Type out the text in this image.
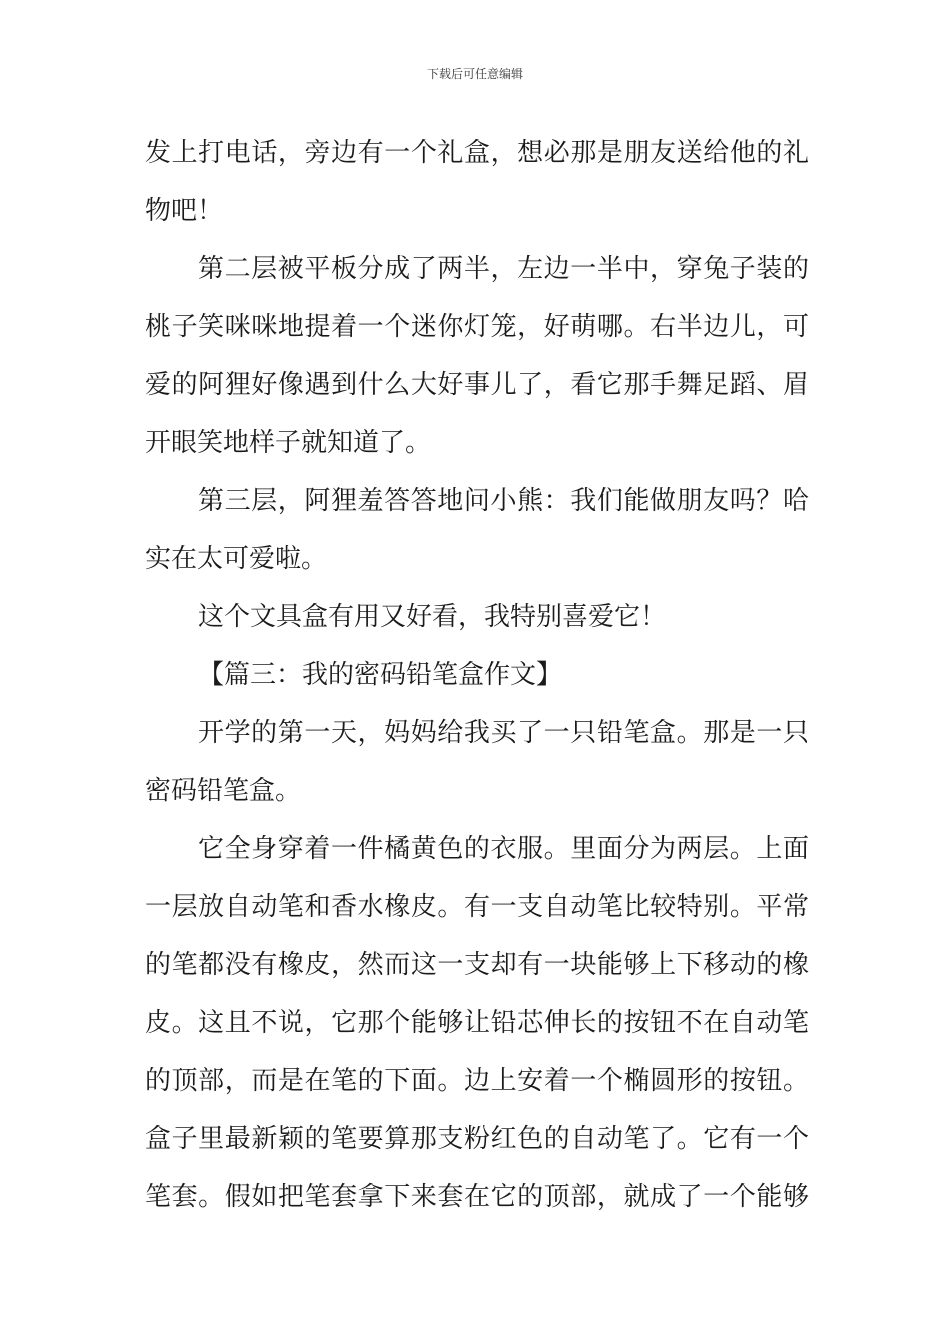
下载后可任意编辑
发上打电话，旁边有一个礼盒，想必那是朋友送给他的礼
物吧！
第二层被平板分成了两半，左边一半中，穿兔子装的
桃子笑咪咪地提着一个迷你灯笼，好萌哪。右半边儿，可
爱的阿狸好像遇到什么大好事儿了，看它那手舞足蹈、眉
开眼笑地样子就知道了。
第三层，阿狸羞答答地问小熊：我们能做朋友吗？哈
实在太可爱啦。
这个文具盒有用又好看，我特别喜爱它！
【篇三：我的密码铅笔盒作文】
开学的第一天，妈妈给我买了一只铅笔盒。那是一只
密码铅笔盒。
它全身穿着一件橘黄色的衣服。里面分为两层。上面
一层放自动笔和香水橡皮。有一支自动笔比较特别。平常
的笔都没有橡皮，然而这一支却有一块能够上下移动的橡
皮。这且不说，它那个能够让铅芯伸长的按钮不在自动笔
的顶部，而是在笔的下面。边上安着一个椭圆形的按钮。
盒子里最新颖的笔要算那支粉红色的自动笔了。它有一个
笔套。假如把笔套拿下来套在它的顶部，就成了一个能够
